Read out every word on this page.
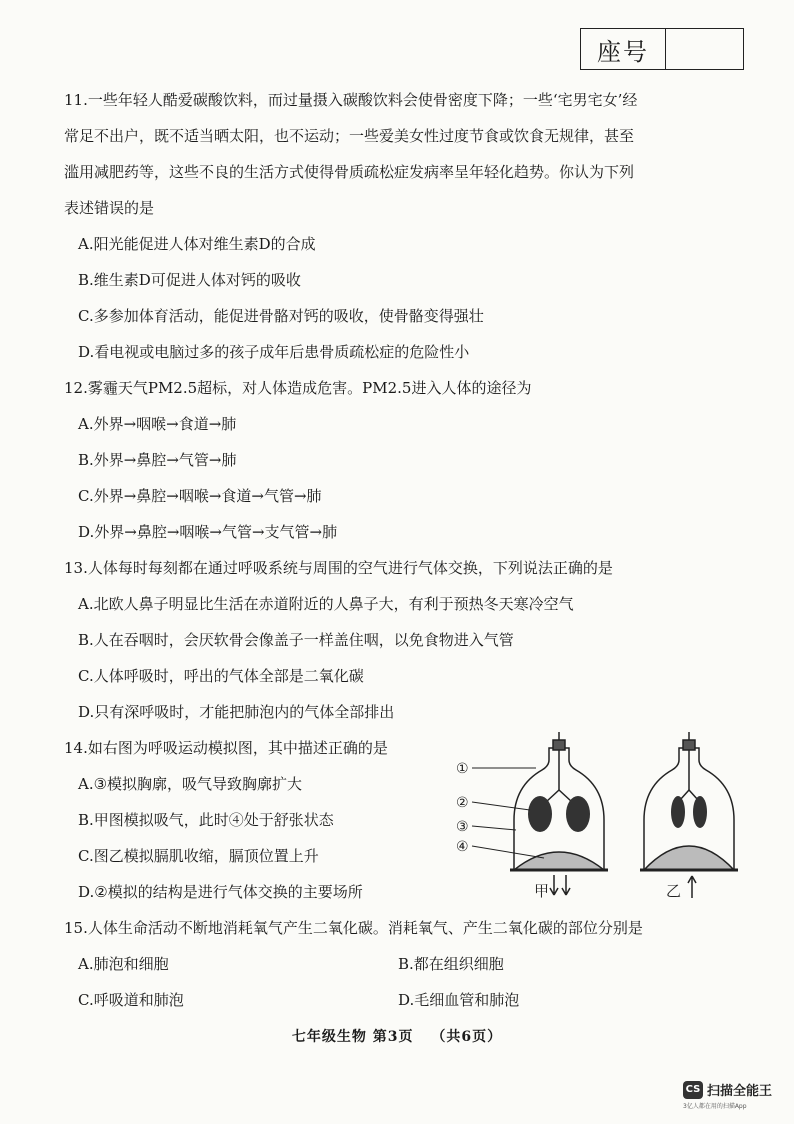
座号

11.一些年轻人酷爱碳酸饮料，而过量摄入碳酸饮料会使骨密度下降；一些‘宅男宅女’经

常足不出户，既不适当晒太阳，也不运动；一些爱美女性过度节食或饮食无规律，甚至

滥用减肥药等，这些不良的生活方式使得骨质疏松症发病率呈年轻化趋势。你认为下列

表述错误的是

A.阳光能促进人体对维生素D的合成

B.维生素D可促进人体对钙的吸收

C.多参加体育活动，能促进骨骼对钙的吸收，使骨骼变得强壮

D.看电视或电脑过多的孩子成年后患骨质疏松症的危险性小

12.雾霾天气PM2.5超标，对人体造成危害。PM2.5进入人体的途径为

A.外界→咽喉→食道→肺

B.外界→鼻腔→气管→肺

C.外界→鼻腔→咽喉→食道→气管→肺

D.外界→鼻腔→咽喉→气管→支气管→肺

13.人体每时每刻都在通过呼吸系统与周围的空气进行气体交换，下列说法正确的是

A.北欧人鼻子明显比生活在赤道附近的人鼻子大，有利于预热冬天寒冷空气

B.人在吞咽时，会厌软骨会像盖子一样盖住咽，以免食物进入气管

C.人体呼吸时，呼出的气体全部是二氧化碳

D.只有深呼吸时，才能把肺泡内的气体全部排出

14.如右图为呼吸运动模拟图，其中描述正确的是

A.③模拟胸廓，吸气导致胸廓扩大

B.甲图模拟吸气，此时④处于舒张状态

C.图乙模拟膈肌收缩，膈顶位置上升

D.②模拟的结构是进行气体交换的主要场所

①
②
③
④
甲	乙

15.人体生命活动不断地消耗氧气产生二氧化碳。消耗氧气、产生二氧化碳的部位分别是

A.肺泡和细胞	B.都在组织细胞

C.呼吸道和肺泡	D.毛细血管和肺泡

七年级生物 第3页 （共6页）
CS 扫描全能王
3亿人都在用的扫描App
